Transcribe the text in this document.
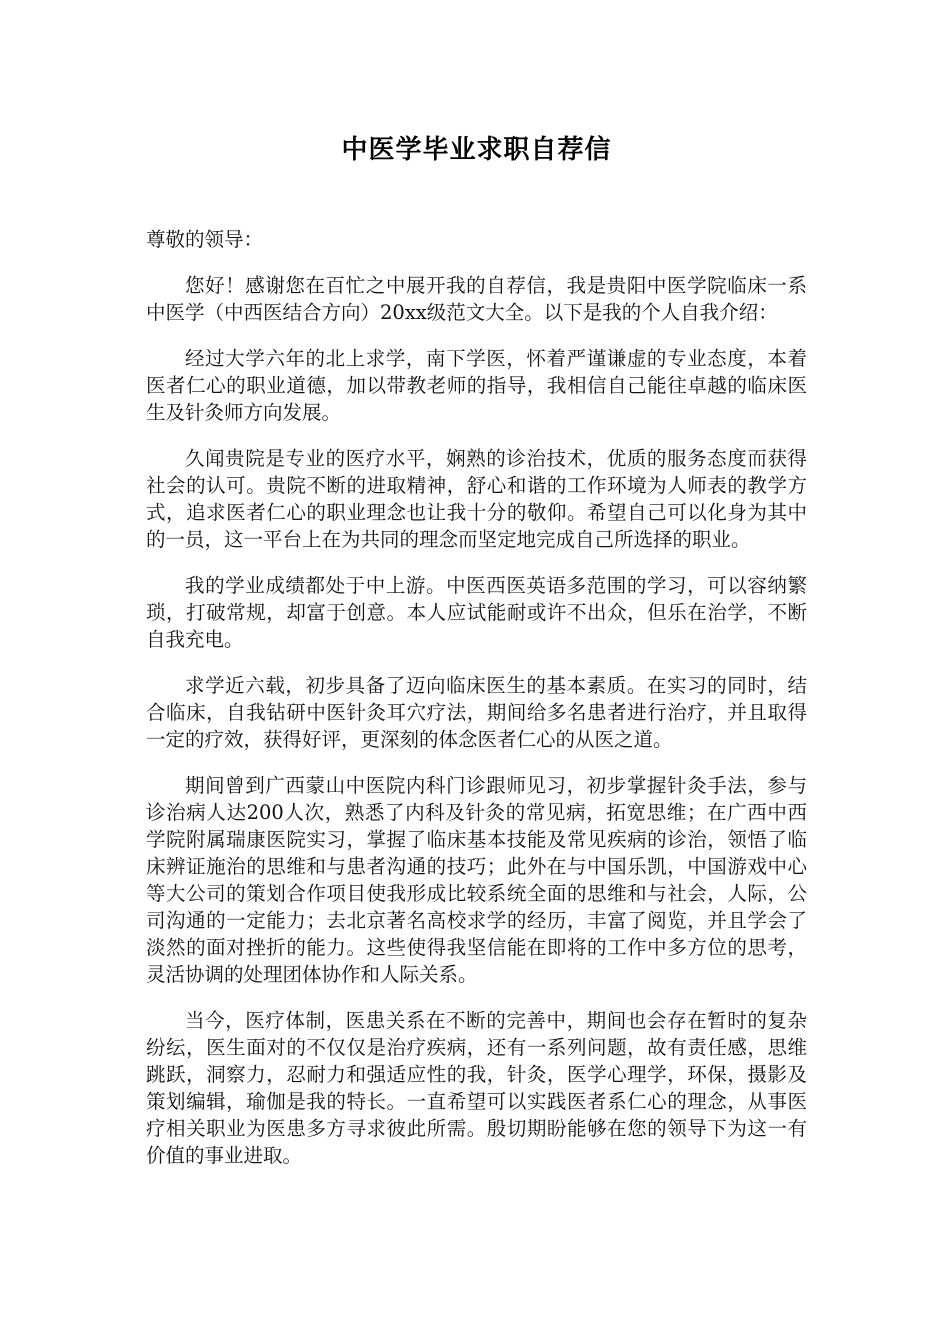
中医学毕业求职自荐信
尊敬的领导：

您好！感谢您在百忙之中展开我的自荐信，我是贵阳中医学院临床一系中医学（中西医结合方向）20xx级范文大全。以下是我的个人自我介绍：

经过大学六年的北上求学，南下学医，怀着严谨谦虚的专业态度，本着医者仁心的职业道德，加以带教老师的指导，我相信自己能往卓越的临床医生及针灸师方向发展。

久闻贵院是专业的医疗水平，娴熟的诊治技术，优质的服务态度而获得社会的认可。贵院不断的进取精神，舒心和谐的工作环境为人师表的教学方式，追求医者仁心的职业理念也让我十分的敬仰。希望自己可以化身为其中的一员，这一平台上在为共同的理念而坚定地完成自己所选择的职业。

我的学业成绩都处于中上游。中医西医英语多范围的学习，可以容纳繁琐，打破常规，却富于创意。本人应试能耐或许不出众，但乐在治学，不断自我充电。

求学近六载，初步具备了迈向临床医生的基本素质。在实习的同时，结合临床，自我钻研中医针灸耳穴疗法，期间给多名患者进行治疗，并且取得一定的疗效，获得好评，更深刻的体念医者仁心的从医之道。

期间曾到广西蒙山中医院内科门诊跟师见习，初步掌握针灸手法，参与诊治病人达200人次，熟悉了内科及针灸的常见病，拓宽思维；在广西中西学院附属瑞康医院实习，掌握了临床基本技能及常见疾病的诊治，领悟了临床辨证施治的思维和与患者沟通的技巧；此外在与中国乐凯，中国游戏中心等大公司的策划合作项目使我形成比较系统全面的思维和与社会，人际，公司沟通的一定能力；去北京著名高校求学的经历，丰富了阅览，并且学会了淡然的面对挫折的能力。这些使得我坚信能在即将的工作中多方位的思考，灵活协调的处理团体协作和人际关系。

当今，医疗体制，医患关系在不断的完善中，期间也会存在暂时的复杂纷纭，医生面对的不仅仅是治疗疾病，还有一系列问题，故有责任感，思维跳跃，洞察力，忍耐力和强适应性的我，针灸，医学心理学，环保，摄影及策划编辑，瑜伽是我的特长。一直希望可以实践医者系仁心的理念，从事医疗相关职业为医患多方寻求彼此所需。殷切期盼能够在您的领导下为这一有价值的事业进取。
